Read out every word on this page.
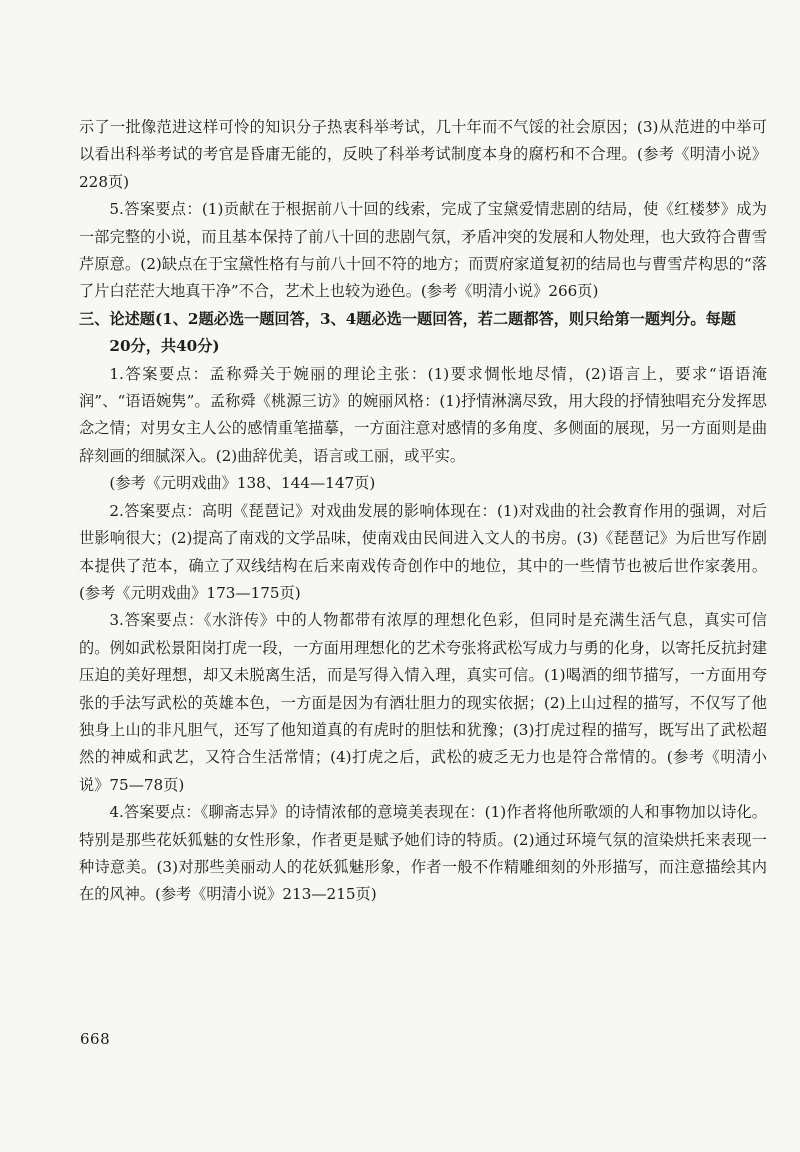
示了一批像范进这样可怜的知识分子热衷科举考试，几十年而不气馁的社会原因；(3)从范进的中举可以看出科举考试的考官是昏庸无能的，反映了科举考试制度本身的腐朽和不合理。(参考《明清小说》228页)

5.答案要点：(1)贡献在于根据前八十回的线索，完成了宝黛爱情悲剧的结局，使《红楼梦》成为一部完整的小说，而且基本保持了前八十回的悲剧气氛，矛盾冲突的发展和人物处理，也大致符合曹雪芹原意。(2)缺点在于宝黛性格有与前八十回不符的地方；而贾府家道复初的结局也与曹雪芹构思的“落了片白茫茫大地真干净”不合，艺术上也较为逊色。(参考《明清小说》266页)

三、论述题(1、2题必选一题回答，3、4题必选一题回答，若二题都答，则只给第一题判分。每题
20分，共40分)

1.答案要点：孟称舜关于婉丽的理论主张：(1)要求惆怅地尽情，(2)语言上，要求“语语淹润”、“语语婉隽”。孟称舜《桃源三访》的婉丽风格：(1)抒情淋漓尽致，用大段的抒情独唱充分发挥思念之情；对男女主人公的感情重笔描摹，一方面注意对感情的多角度、多侧面的展现，另一方面则是曲辞刻画的细腻深入。(2)曲辞优美，语言或工丽，或平实。

(参考《元明戏曲》138、144—147页)

2.答案要点：高明《琵琶记》对戏曲发展的影响体现在：(1)对戏曲的社会教育作用的强调，对后世影响很大；(2)提高了南戏的文学品味，使南戏由民间进入文人的书房。(3)《琵琶记》为后世写作剧本提供了范本，确立了双线结构在后来南戏传奇创作中的地位，其中的一些情节也被后世作家袭用。(参考《元明戏曲》173—175页)

3.答案要点：《水浒传》中的人物都带有浓厚的理想化色彩，但同时是充满生活气息，真实可信的。例如武松景阳岗打虎一段，一方面用理想化的艺术夸张将武松写成力与勇的化身，以寄托反抗封建压迫的美好理想，却又未脱离生活，而是写得入情入理，真实可信。(1)喝酒的细节描写，一方面用夸张的手法写武松的英雄本色，一方面是因为有酒壮胆力的现实依据；(2)上山过程的描写，不仅写了他独身上山的非凡胆气，还写了他知道真的有虎时的胆怯和犹豫；(3)打虎过程的描写，既写出了武松超然的神威和武艺，又符合生活常情；(4)打虎之后，武松的疲乏无力也是符合常情的。(参考《明清小说》75—78页)

4.答案要点：《聊斋志异》的诗情浓郁的意境美表现在：(1)作者将他所歌颂的人和事物加以诗化。特别是那些花妖狐魅的女性形象，作者更是赋予她们诗的特质。(2)通过环境气氛的渲染烘托来表现一种诗意美。(3)对那些美丽动人的花妖狐魅形象，作者一般不作精雕细刻的外形描写，而注意描绘其内在的风神。(参考《明清小说》213—215页)

668
